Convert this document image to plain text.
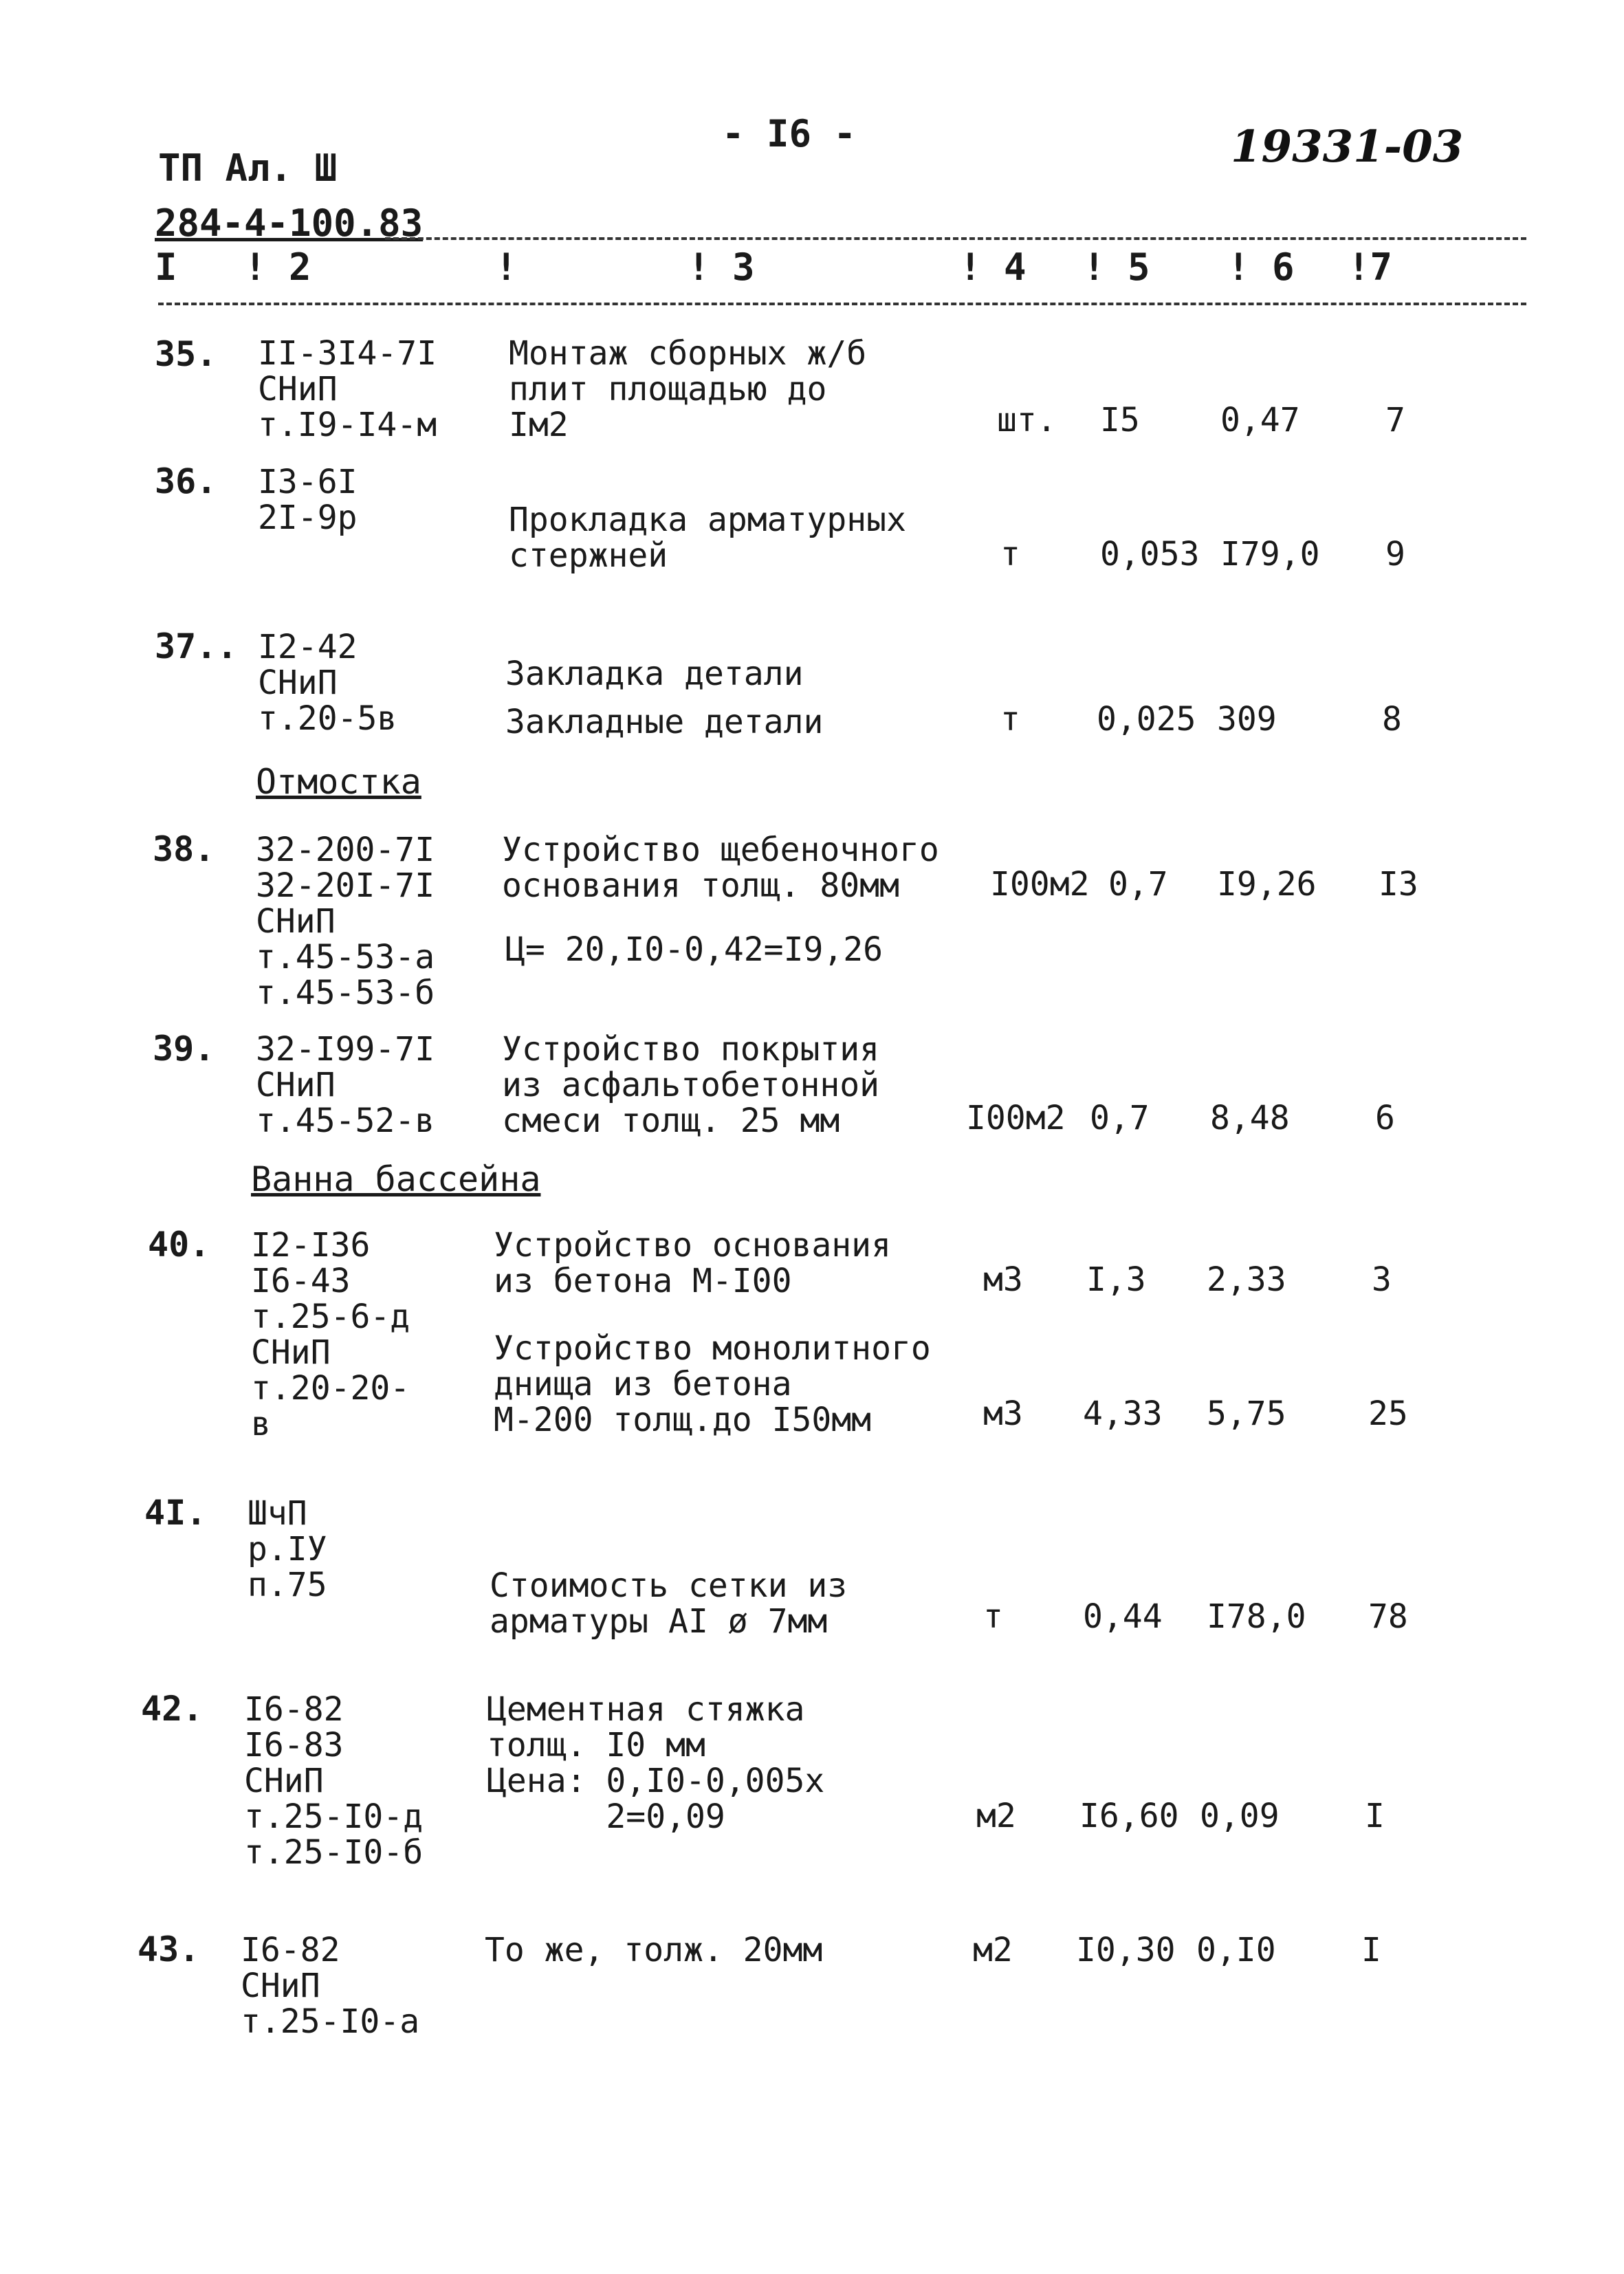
ТП Ал. Ш
284-4-100.83
- I6 -	19331-03
I ! 2	!	! 3	! 4 ! 5 ! 6 !7
35. II-3I4-7I
СНиП
т.I9-I4-м
Монтаж сборных ж/б
плит площадью до
Iм2	шт. I5 0,47	7
36. I3-6I
2I-9р	Прокладка арматурных
стержней	т 0,053 I79,0 9
37.. I2-42
СНиП
т.20-5в
Закладка детали
Закладные детали	т 0,025 309	8
Отмостка
38. 32-200-7I
32-20I-7I
СНиП
т.45-53-а
т.45-53-б
Устройство щебеночного
основания толщ. 80мм
Ц= 20,I0-0,42=I9,26
I00м2 0,7 I9,26 I3
39. 32-I99-7I
СНиП
т.45-52-в
Устройство покрытия
из асфальтобетонной
смеси толщ. 25 мм	I00м2 0,7 8,48	6
Ванна бассейна
40. I2-I36
I6-43
т.25-6-д
СНиП
т.20-20-
в
Устройство основания
из бетона М-I00	м3 I,3 2,33	3
Устройство монолитного
днища из бетона
М-200 толщ.до I50мм	м3 4,33 5,75 25
4I. ШчП
р.IУ
п.75	Стоимость сетки из
арматуры AI ø 7мм	т 0,44 I78,0 78
42. I6-82
I6-83
СНиП
т.25-I0-д
т.25-I0-б
Цементная стяжка
толщ. I0 мм
Цена: 0,I0-0,005х
2=0,09	м2 I6,60 0,09	I
43. I6-82
СНиП
т.25-I0-а
То же, толж. 20мм	м2 I0,30 0,I0	I
